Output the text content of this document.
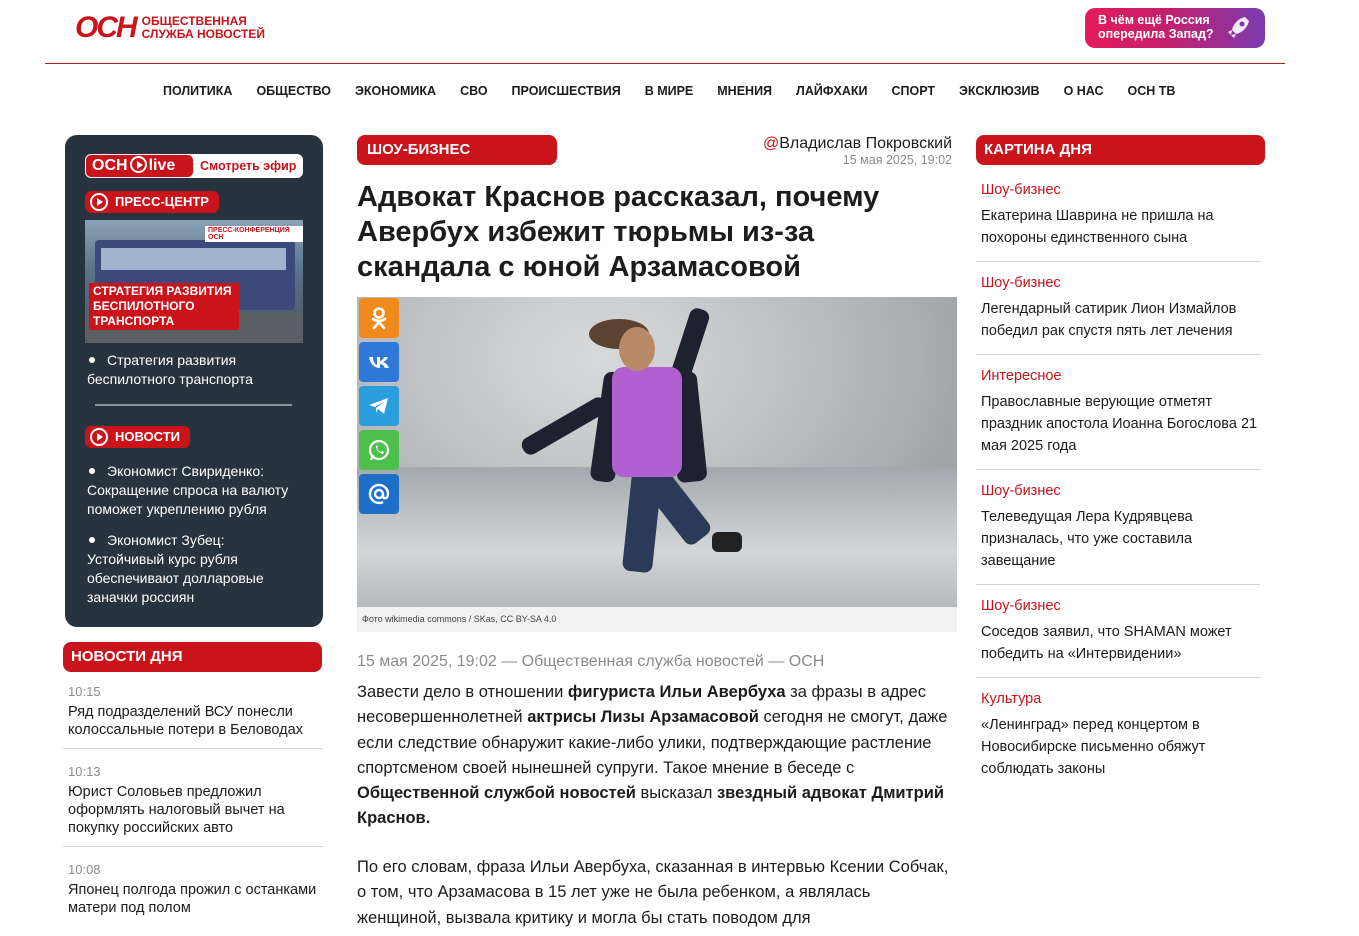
ОСН ОБЩЕСТВЕННАЯ
СЛУЖБА НОВОСТЕЙ
В чём ещё Россия
опередила Запад?
ПОЛИТИКА ОБЩЕСТВО ЭКОНОМИКА СВО ПРОИСШЕСТВИЯ В МИРЕ МНЕНИЯ ЛАЙФХАКИ СПОРТ ЭКСКЛЮЗИВ О НАС ОСН ТВ
ОСН live	Смотреть эфир
ПРЕСС-ЦЕНТР
ПРЕСС-КОНФЕРЕНЦИЯ ОСН
СТРАТЕГИЯ РАЗВИТИЯ БЕСПИЛОТНОГО ТРАНСПОРТА
Стратегия развития беспилотного транспорта
НОВОСТИ
Экономист Свириденко: Сокращение спроса на валюту поможет укреплению рубля
Экономист Зубец: Устойчивый курс рубля обеспечивают долларовые заначки россиян
НОВОСТИ ДНЯ
10:15
Ряд подразделений ВСУ понесли колоссальные потери в Беловодах
10:13
Юрист Соловьев предложил оформлять налоговый вычет на покупку российских авто
10:08
Японец полгода прожил с останками матери под полом
ШОУ-БИЗНЕС	@Владислав Покровский
15 мая 2025, 19:02
Адвокат Краснов рассказал, почему Авербух избежит тюрьмы из-за скандала с юной Арзамасовой
Фото wikimedia commons / SKas, CC BY-SA 4.0
15 мая 2025, 19:02 — Общественная служба новостей — ОСН

Завести дело в отношении фигуриста Ильи Авербуха за фразы в адрес несовершеннолетней актрисы Лизы Арзамасовой сегодня не смогут, даже если следствие обнаружит какие-либо улики, подтверждающие растление спортсменом своей нынешней супруги. Такое мнение в беседе с Общественной службой новостей высказал звездный адвокат Дмитрий Краснов.

По его словам, фраза Ильи Авербуха, сказанная в интервью Ксении Собчак, о том, что Арзамасова в 15 лет уже не была ребенком, а являлась женщиной, вызвала критику и могла бы стать поводом для

КАРТИНА ДНЯ
Шоу-бизнес
Екатерина Шаврина не пришла на похороны единственного сына
Шоу-бизнес
Легендарный сатирик Лион Измайлов победил рак спустя пять лет лечения
Интересное
Православные верующие отметят праздник апостола Иоанна Богослова 21 мая 2025 года
Шоу-бизнес
Телеведущая Лера Кудрявцева призналась, что уже составила завещание
Шоу-бизнес
Соседов заявил, что SHAMAN может победить на «Интервидении»
Культура
«Ленинград» перед концертом в Новосибирске письменно обяжут соблюдать законы
